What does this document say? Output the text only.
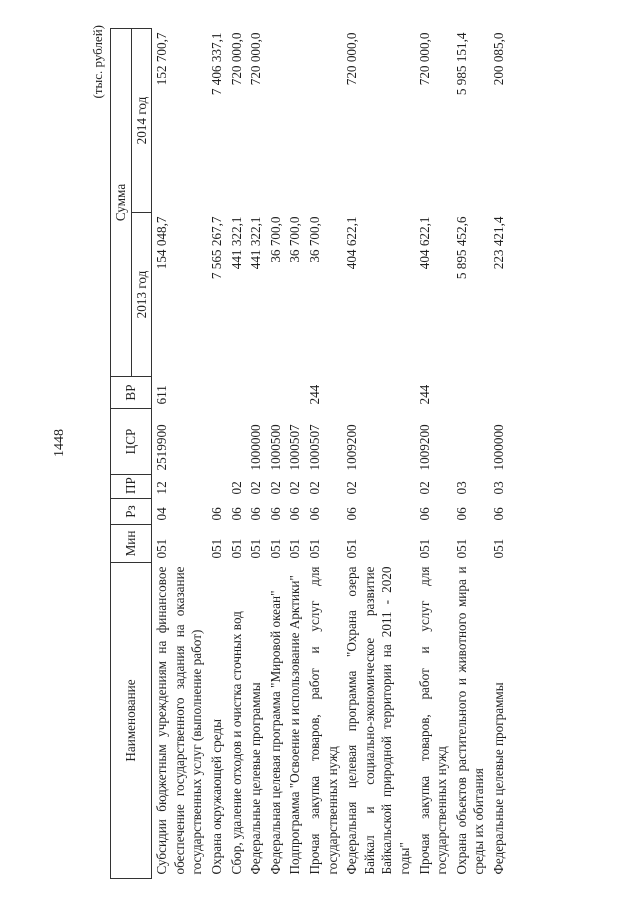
1448
(тыс. рублей)
Наименование	Мин	Рз	ПР	ЦСР	ВР	Сумма	
						2013 год	2014 год
Субсидии бюджетным учреждениям на финансовое обеспечение государственного задания на оказание государственных услуг (выполнение работ)	051	04	12	2519900	611	154 048,7	152 700,7
Охрана окружающей среды	051	06				7 565 267,7	7 406 337,1
Сбор, удаление отходов и очистка сточных вод	051	06	02			441 322,1	720 000,0
Федеральные целевые программы	051	06	02	1000000		441 322,1	720 000,0
Федеральная целевая программа "Мировой океан"	051	06	02	1000500		36 700,0	
Подпрограмма "Освоение и использование Арктики"	051	06	02	1000507		36 700,0	
Прочая закупка товаров, работ и услуг для государственных нужд	051	06	02	1000507	244	36 700,0	
Федеральная целевая программа "Охрана озера Байкал и социально-экономическое развитие Байкальской природной территории на 2011 - 2020 годы"	051	06	02	1009200		404 622,1	720 000,0
Прочая закупка товаров, работ и услуг для государственных нужд	051	06	02	1009200	244	404 622,1	720 000,0
Охрана объектов растительного и животного мира и среды их обитания	051	06	03			5 895 452,6	5 985 151,4
Федеральные целевые программы	051	06	03	1000000		223 421,4	200 085,0
